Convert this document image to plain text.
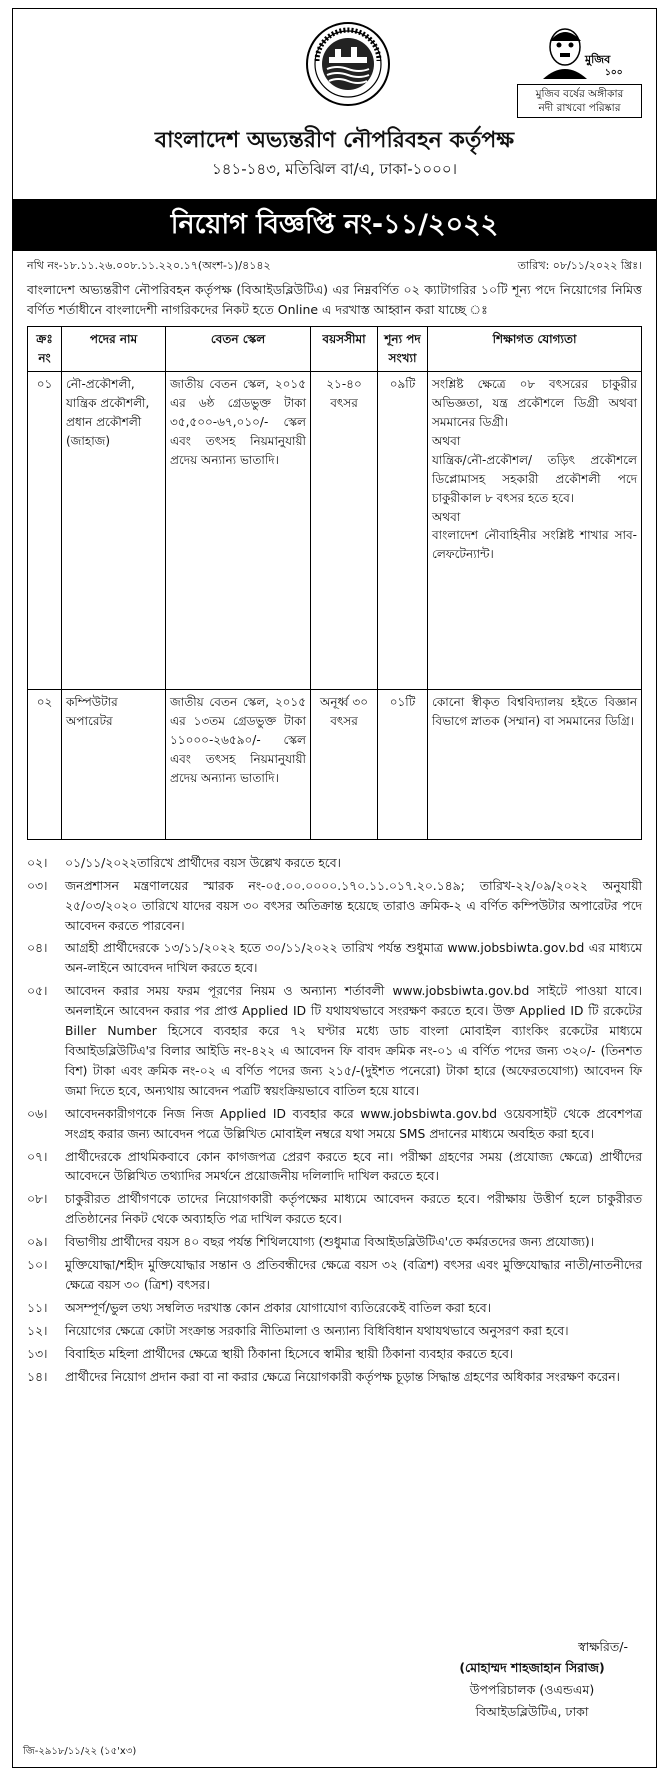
মুজিব
১০০
মুজিব বর্ষের অঙ্গীকার
নদী রাখবো পরিষ্কার
বাংলাদেশ অভ্যন্তরীণ নৌপরিবহন কর্তৃপক্ষ
১৪১-১৪৩, মতিঝিল বা/এ, ঢাকা-১০০০।
নিয়োগ বিজ্ঞপ্তি নং-১১/২০২২
নথি নং-১৮.১১.২৬.০০৮.১১.২২০.১৭(অংশ-১)/৪১৪২	তারিখ: ০৮/১১/২০২২ খ্রিঃ।

বাংলাদেশ অভ্যন্তরীণ নৌপরিবহন কর্তৃপক্ষ (বিআইডব্লিউটিএ) এর নিম্নবর্ণিত ০২ ক্যাটাগরির ১০টি শূন্য পদে নিয়োগের নিমিত্ত বর্ণিত শর্তাধীনে বাংলাদেশী নাগরিকদের নিকট হতে Online এ দরখাস্ত আহ্বান করা যাচ্ছে ঃ

ক্রঃ নং	পদের নাম	বেতন স্কেল	বয়সসীমা	শূন্য পদ সংখ্যা	শিক্ষাগত যোগ্যতা
০১	নৌ-প্রকৌশলী, যান্ত্রিক প্রকৌশলী, প্রধান প্রকৌশলী (জাহাজ)	জাতীয় বেতন স্কেল, ২০১৫ এর ৬ষ্ঠ গ্রেডভুক্ত টাকা ৩৫,৫০০-৬৭,০১০/- স্কেল এবং তৎসহ নিয়মানুযায়ী প্রদেয় অন্যান্য ভাতাদি।	২১-৪০ বৎসর	০৯টি	সংশ্লিষ্ট ক্ষেত্রে ০৮ বৎসরের চাকুরীর অভিজ্ঞতা, যন্ত্র প্রকৌশলে ডিগ্রী অথবা সমমানের ডিগ্রী।
অথবা
যান্ত্রিক/নৌ-প্রকৌশল/ তড়িৎ প্রকৌশলে ডিপ্লোমাসহ সহকারী প্রকৌশলী পদে চাকুরীকাল ৮ বৎসর হতে হবে।
অথবা
বাংলাদেশ নৌবাহিনীর সংশ্লিষ্ট শাখার সাব-লেফটেন্যান্ট।

০২	কম্পিউটার অপারেটর	জাতীয় বেতন স্কেল, ২০১৫ এর ১৩তম গ্রেডভুক্ত টাকা ১১০০০-২৬৫৯০/- স্কেল এবং তৎসহ নিয়মানুযায়ী প্রদেয় অন্যান্য ভাতাদি।	অনূর্ধ্ব ৩০ বৎসর	০১টি	কোনো স্বীকৃত বিশ্ববিদ্যালয় হইতে বিজ্ঞান বিভাগে স্নাতক (সম্মান) বা সমমানের ডিগ্রি।
০২।	০১/১১/২০২২তারিখে প্রার্থীদের বয়স উল্লেখ করতে হবে।
০৩।	জনপ্রশাসন মন্ত্রণালয়ের স্মারক নং-০৫.০০.০০০০.১৭০.১১.০১৭.২০.১৪৯; তারিখ-২২/০৯/২০২২ অনুযায়ী ২৫/০৩/২০২০ তারিখে যাদের বয়স ৩০ বৎসর অতিক্রান্ত হয়েছে তারাও ক্রমিক-২ এ বর্ণিত কম্পিউটার অপারেটর পদে আবেদন করতে পারবেন।
০৪।	আগ্রহী প্রার্থীদেরকে ১৩/১১/২০২২ হতে ৩০/১১/২০২২ তারিখ পর্যন্ত শুধুমাত্র www.jobsbiwta.gov.bd এর মাধ্যমে অন-লাইনে আবেদন দাখিল করতে হবে।
০৫।	আবেদন করার সময় ফরম পূরণের নিয়ম ও অন্যান্য শর্তাবলী www.jobsbiwta.gov.bd সাইটে পাওয়া যাবে। অনলাইনে আবেদন করার পর প্রাপ্ত Applied ID টি যথাযথভাবে সংরক্ষণ করতে হবে। উক্ত Applied ID টি রকেটের Biller Number হিসেবে ব্যবহার করে ৭২ ঘণ্টার মধ্যে ডাচ বাংলা মোবাইল ব্যাংকিং রকেটের মাধ্যমে বিআইডব্লিউটিএ'র বিলার আইডি নং-৪২২ এ আবেদন ফি বাবদ ক্রমিক নং-০১ এ বর্ণিত পদের জন্য ৩২০/- (তিনশত বিশ) টাকা এবং ক্রমিক নং-০২ এ বর্ণিত পদের জন্য ২১৫/-(দুইশত পনেরো) টাকা হারে (অফেরতযোগ্য) আবেদন ফি জমা দিতে হবে, অন্যথায় আবেদন পত্রটি স্বয়ংক্রিয়ভাবে বাতিল হয়ে যাবে।
০৬।	আবেদনকারীগণকে নিজ নিজ Applied ID ব্যবহার করে www.jobsbiwta.gov.bd ওয়েবসাইট থেকে প্রবেশপত্র সংগ্রহ করার জন্য আবেদন পত্রে উল্লিখিত মোবাইল নম্বরে যথা সময়ে SMS প্রদানের মাধ্যমে অবহিত করা হবে।
০৭।	প্রার্থীদেরকে প্রাথমিকবাবে কোন কাগজপত্র প্রেরণ করতে হবে না। পরীক্ষা গ্রহণের সময় (প্রযোজ্য ক্ষেত্রে) প্রার্থীদের আবেদনে উল্লিখিত তথ্যাদির সমর্থনে প্রয়োজনীয় দলিলাদি দাখিল করতে হবে।
০৮।	চাকুরীরত প্রার্থীগণকে তাদের নিয়োগকারী কর্তৃপক্ষের মাধ্যমে আবেদন করতে হবে। পরীক্ষায় উত্তীর্ণ হলে চাকুরীরত প্রতিষ্ঠানের নিকট থেকে অব্যাহতি পত্র দাখিল করতে হবে।
০৯।	বিভাগীয় প্রার্থীদের বয়স ৪০ বছর পর্যন্ত শিথিলযোগ্য (শুধুমাত্র বিআইডব্লিউটিএ'তে কর্মরতদের জন্য প্রযোজ্য)।
১০।	মুক্তিযোদ্ধা/শহীদ মুক্তিযোদ্ধার সন্তান ও প্রতিবন্ধীদের ক্ষেত্রে বয়স ৩২ (বত্রিশ) বৎসর এবং মুক্তিযোদ্ধার নাতী/নাতনীদের ক্ষেত্রে বয়স ৩০ (ত্রিশ) বৎসর।
১১।	অসম্পূর্ণ/ভুল তথ্য সম্বলিত দরখাস্ত কোন প্রকার যোগাযোগ ব্যতিরেকেই বাতিল করা হবে।
১২।	নিয়োগের ক্ষেত্রে কোটা সংক্রান্ত সরকারি নীতিমালা ও অন্যান্য বিধিবিধান যথাযথভাবে অনুসরণ করা হবে।
১৩।	বিবাহিত মহিলা প্রার্থীদের ক্ষেত্রে স্থায়ী ঠিকানা হিসেবে স্বামীর স্থায়ী ঠিকানা ব্যবহার করতে হবে।
১৪।	প্রার্থীদের নিয়োগ প্রদান করা বা না করার ক্ষেত্রে নিয়োগকারী কর্তৃপক্ষ চূড়ান্ত সিদ্ধান্ত গ্রহণের অধিকার সংরক্ষণ করেন।
স্বাক্ষরিত/-
(মোহাম্মদ শাহজাহান সিরাজ)
উপপরিচালক (ওএন্ডএম)
বিআইডব্লিউটিএ, ঢাকা
জি-২৯১৮/১১/২২ (১৫'x৩)
